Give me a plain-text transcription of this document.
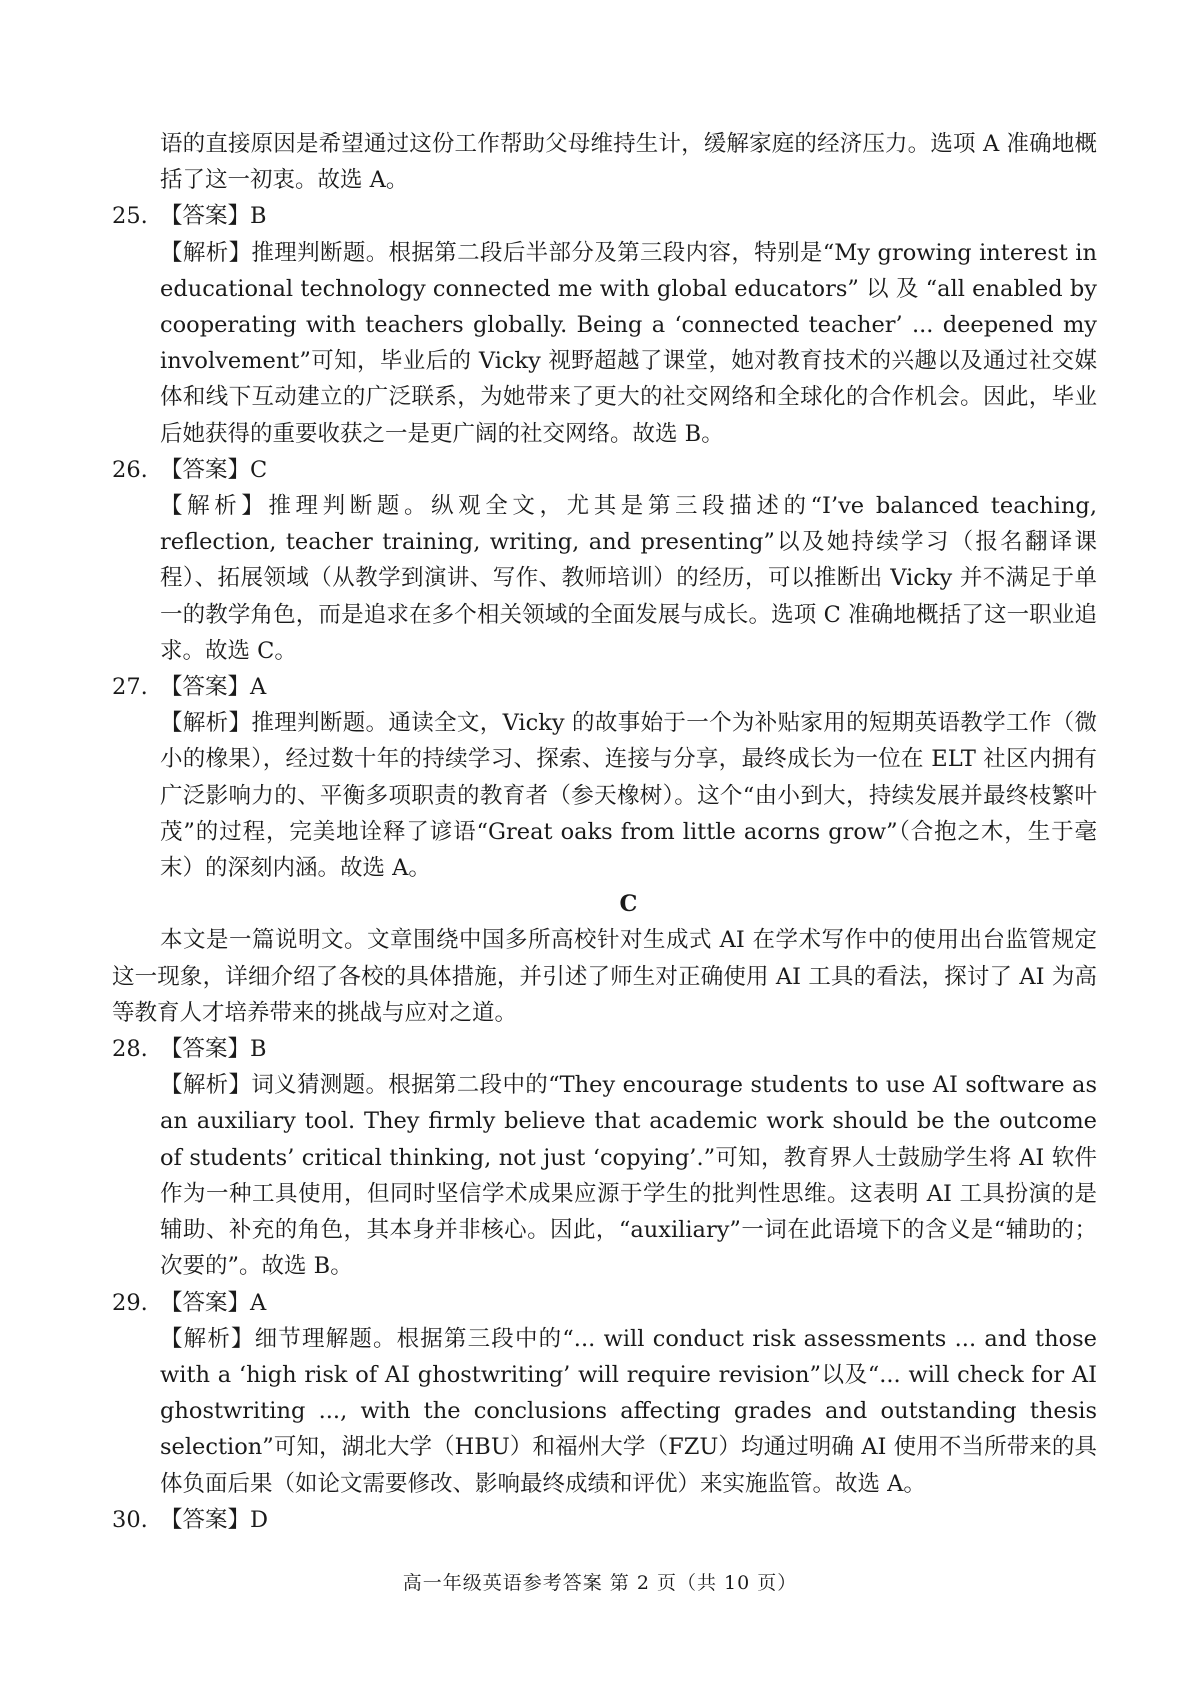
语的直接原因是希望通过这份工作帮助父母维持生计，缓解家庭的经济压力。选项 A 准确地概括了这一初衷。故选 A。
25. 【答案】B
【解析】推理判断题。根据第二段后半部分及第三段内容，特别是“My growing interest in educational technology connected me with global educators” 以 及 “all enabled by cooperating with teachers globally. Being a ‘connected teacher’ ... deepened my involvement”可知，毕业后的 Vicky 视野超越了课堂，她对教育技术的兴趣以及通过社交媒体和线下互动建立的广泛联系，为她带来了更大的社交网络和全球化的合作机会。因此，毕业后她获得的重要收获之一是更广阔的社交网络。故选 B。
26. 【答案】C
【解析】推理判断题。纵观全文，尤其是第三段描述的“I’ve balanced teaching, reflection, teacher training, writing, and presenting”以及她持续学习（报名翻译课程）、拓展领域（从教学到演讲、写作、教师培训）的经历，可以推断出 Vicky 并不满足于单一的教学角色，而是追求在多个相关领域的全面发展与成长。选项 C 准确地概括了这一职业追求。故选 C。
27. 【答案】A
【解析】推理判断题。通读全文，Vicky 的故事始于一个为补贴家用的短期英语教学工作（微小的橡果），经过数十年的持续学习、探索、连接与分享，最终成长为一位在 ELT 社区内拥有广泛影响力的、平衡多项职责的教育者（参天橡树）。这个“由小到大，持续发展并最终枝繁叶茂”的过程，完美地诠释了谚语“Great oaks from little acorns grow”（合抱之木，生于毫末）的深刻内涵。故选 A。
C
本文是一篇说明文。文章围绕中国多所高校针对生成式 AI 在学术写作中的使用出台监管规定这一现象，详细介绍了各校的具体措施，并引述了师生对正确使用 AI 工具的看法，探讨了 AI 为高等教育人才培养带来的挑战与应对之道。
28. 【答案】B
【解析】词义猜测题。根据第二段中的“They encourage students to use AI software as an auxiliary tool. They firmly believe that academic work should be the outcome of students’ critical thinking, not just ‘copying’.”可知，教育界人士鼓励学生将 AI 软件作为一种工具使用，但同时坚信学术成果应源于学生的批判性思维。这表明 AI 工具扮演的是辅助、补充的角色，其本身并非核心。因此，“auxiliary”一词在此语境下的含义是“辅助的；次要的”。故选 B。
29. 【答案】A
【解析】细节理解题。根据第三段中的“... will conduct risk assessments ... and those with a ‘high risk of AI ghostwriting’ will require revision”以及“... will check for AI ghostwriting ..., with the conclusions affecting grades and outstanding thesis selection”可知，湖北大学（HBU）和福州大学（FZU）均通过明确 AI 使用不当所带来的具体负面后果（如论文需要修改、影响最终成绩和评优）来实施监管。故选 A。
30. 【答案】D
高一年级英语参考答案 第 2 页（共 10 页）
